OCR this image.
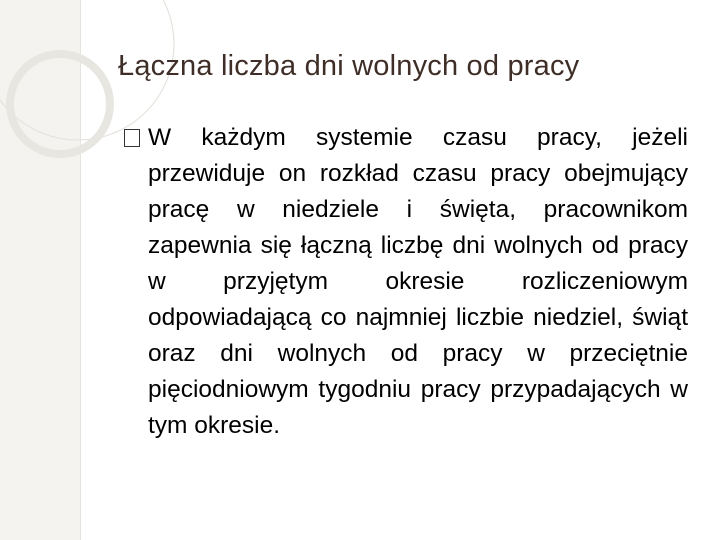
Łączna liczba dni wolnych od pracy
W każdym systemie czasu pracy, jeżeli przewiduje on rozkład czasu pracy obejmujący pracę w niedziele i święta, pracownikom zapewnia się łączną liczbę dni wolnych od pracy w przyjętym okresie rozliczeniowym odpowiadającą co najmniej liczbie niedziel, świąt oraz dni wolnych od pracy w przeciętnie pięciodniowym tygodniu pracy przypadających w tym okresie.
